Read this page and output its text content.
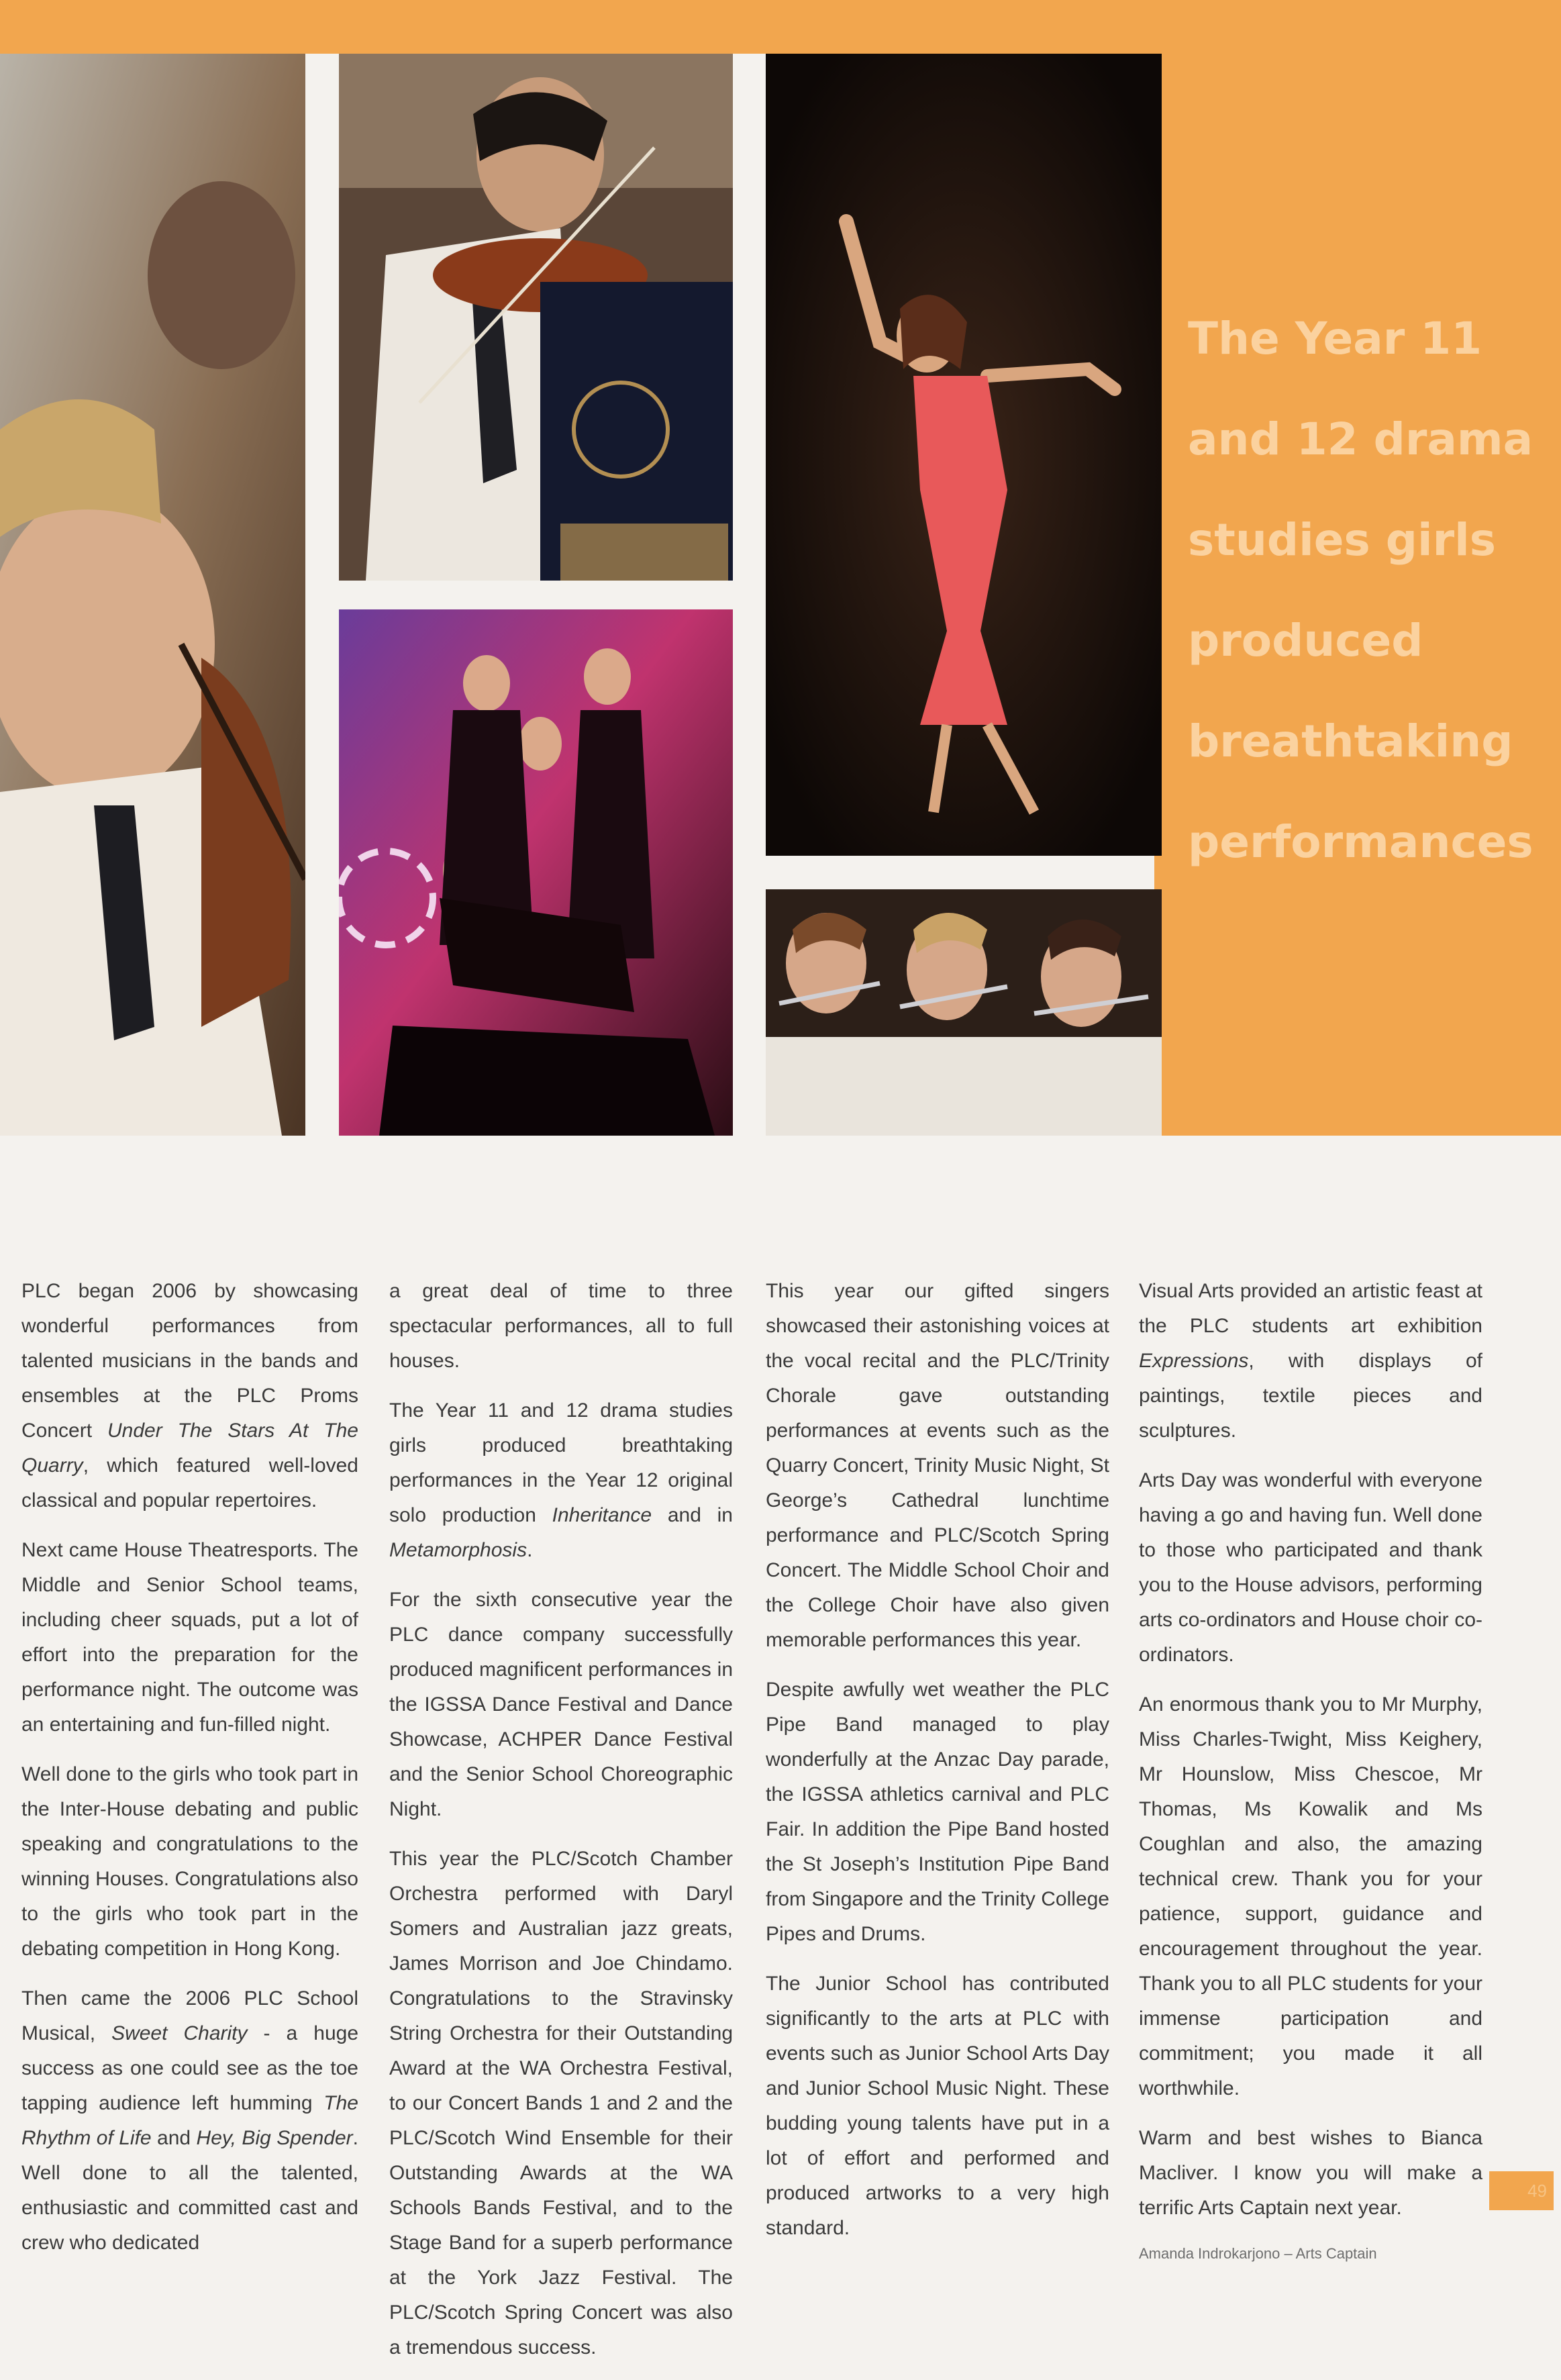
The Year 11 and 12 drama studies girls produced breathtaking performances

PLC began 2006 by showcasing wonderful performances from talented musicians in the bands and ensembles at the PLC Proms Concert Under The Stars At The Quarry, which featured well-loved classical and popular repertoires.

Next came House Theatresports. The Middle and Senior School teams, including cheer squads, put a lot of effort into the preparation for the performance night. The outcome was an entertaining and fun-filled night.

Well done to the girls who took part in the Inter-House debating and public speaking and congratulations to the winning Houses. Congratulations also to the girls who took part in the debating competition in Hong Kong.

Then came the 2006 PLC School Musical, Sweet Charity - a huge success as one could see as the toe tapping audience left humming The Rhythm of Life and Hey, Big Spender. Well done to all the talented, enthusiastic and committed cast and crew who dedicated

a great deal of time to three spectacular performances, all to full houses.

The Year 11 and 12 drama studies girls produced breathtaking performances in the Year 12 original solo production Inheritance and in Metamorphosis.

For the sixth consecutive year the PLC dance company successfully produced magnificent performances in the IGSSA Dance Festival and Dance Showcase, ACHPER Dance Festival and the Senior School Choreographic Night.

This year the PLC/Scotch Chamber Orchestra performed with Daryl Somers and Australian jazz greats, James Morrison and Joe Chindamo. Congratulations to the Stravinsky String Orchestra for their Outstanding Award at the WA Orchestra Festival, to our Concert Bands 1 and 2 and the PLC/Scotch Wind Ensemble for their Outstanding Awards at the WA Schools Bands Festival, and to the Stage Band for a superb performance at the York Jazz Festival. The PLC/Scotch Spring Concert was also a tremendous success.

This year our gifted singers showcased their astonishing voices at the vocal recital and the PLC/Trinity Chorale gave outstanding performances at events such as the Quarry Concert, Trinity Music Night, St George’s Cathedral lunchtime performance and PLC/Scotch Spring Concert. The Middle School Choir and the College Choir have also given memorable performances this year.

Despite awfully wet weather the PLC Pipe Band managed to play wonderfully at the Anzac Day parade, the IGSSA athletics carnival and PLC Fair. In addition the Pipe Band hosted the St Joseph’s Institution Pipe Band from Singapore and the Trinity College Pipes and Drums.

The Junior School has contributed significantly to the arts at PLC with events such as Junior School Arts Day and Junior School Music Night. These budding young talents have put in a lot of effort and performed and produced artworks to a very high standard.

Visual Arts provided an artistic feast at the PLC students art exhibition Expressions, with displays of paintings, textile pieces and sculptures.

Arts Day was wonderful with everyone having a go and having fun. Well done to those who participated and thank you to the House advisors, performing arts co-ordinators and House choir co-ordinators.

An enormous thank you to Mr Murphy, Miss Charles-Twight, Miss Keighery, Mr Hounslow, Miss Chescoe, Mr Thomas, Ms Kowalik and Ms Coughlan and also, the amazing technical crew. Thank you for your patience, support, guidance and encouragement throughout the year. Thank you to all PLC students for your immense participation and commitment; you made it all worthwhile.

Warm and best wishes to Bianca Macliver. I know you will make a terrific Arts Captain next year.

Amanda Indrokarjono – Arts Captain

49
